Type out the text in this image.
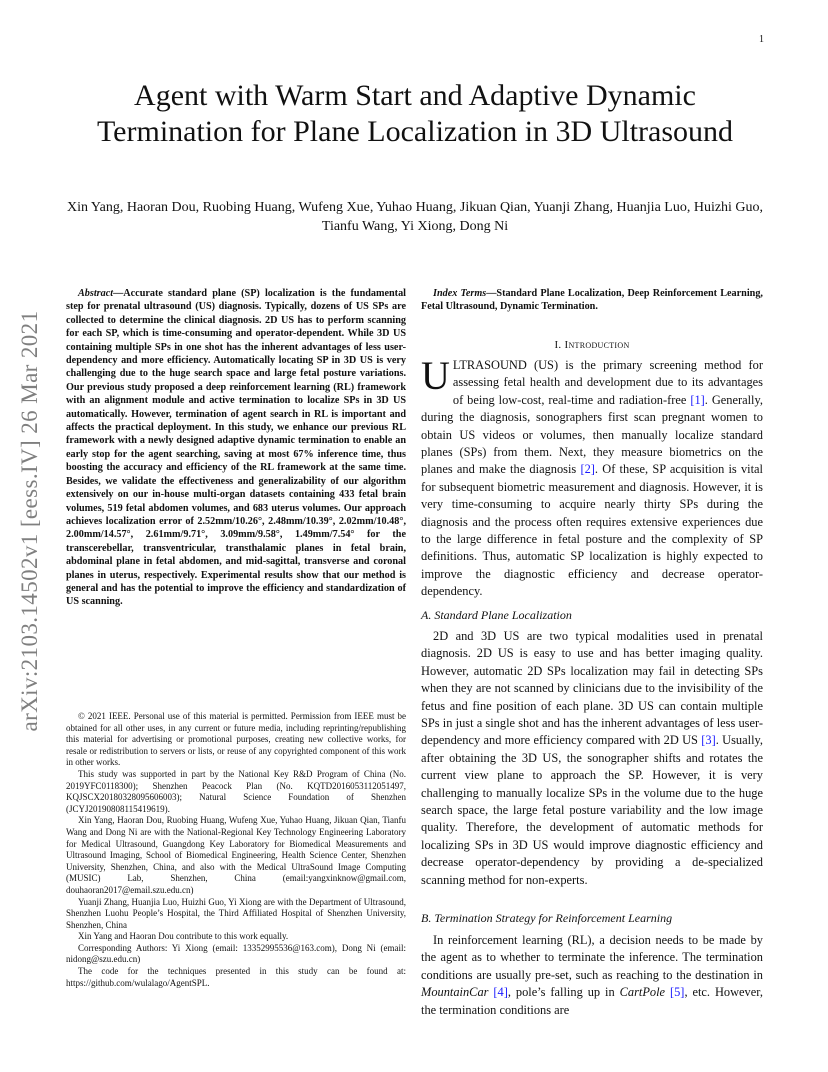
1
arXiv:2103.14502v1 [eess.IV] 26 Mar 2021
Agent with Warm Start and Adaptive Dynamic Termination for Plane Localization in 3D Ultrasound
Xin Yang, Haoran Dou, Ruobing Huang, Wufeng Xue, Yuhao Huang, Jikuan Qian, Yuanji Zhang, Huanjia Luo, Huizhi Guo, Tianfu Wang, Yi Xiong, Dong Ni
Abstract—Accurate standard plane (SP) localization is the fundamental step for prenatal ultrasound (US) diagnosis. Typically, dozens of US SPs are collected to determine the clinical diagnosis. 2D US has to perform scanning for each SP, which is time-consuming and operator-dependent. While 3D US containing multiple SPs in one shot has the inherent advantages of less user-dependency and more efficiency. Automatically locating SP in 3D US is very challenging due to the huge search space and large fetal posture variations. Our previous study proposed a deep reinforcement learning (RL) framework with an alignment module and active termination to localize SPs in 3D US automatically. However, termination of agent search in RL is important and affects the practical deployment. In this study, we enhance our previous RL framework with a newly designed adaptive dynamic termination to enable an early stop for the agent searching, saving at most 67% inference time, thus boosting the accuracy and efficiency of the RL framework at the same time. Besides, we validate the effectiveness and generalizability of our algorithm extensively on our in-house multi-organ datasets containing 433 fetal brain volumes, 519 fetal abdomen volumes, and 683 uterus volumes. Our approach achieves localization error of 2.52mm/10.26°, 2.48mm/10.39°, 2.02mm/10.48°, 2.00mm/14.57°, 2.61mm/9.71°, 3.09mm/9.58°, 1.49mm/7.54° for the transcerebellar, transventricular, transthalamic planes in fetal brain, abdominal plane in fetal abdomen, and mid-sagittal, transverse and coronal planes in uterus, respectively. Experimental results show that our method is general and has the potential to improve the efficiency and standardization of US scanning.

© 2021 IEEE. Personal use of this material is permitted. Permission from IEEE must be obtained for all other uses, in any current or future media, including reprinting/republishing this material for advertising or promotional purposes, creating new collective works, for resale or redistribution to servers or lists, or reuse of any copyrighted component of this work in other works.

This study was supported in part by the National Key R&D Program of China (No. 2019YFC0118300); Shenzhen Peacock Plan (No. KQTD2016053112051497, KQJSCX20180328095606003); Natural Science Foundation of Shenzhen (JCYJ20190808115419619).

Xin Yang, Haoran Dou, Ruobing Huang, Wufeng Xue, Yuhao Huang, Jikuan Qian, Tianfu Wang and Dong Ni are with the National-Regional Key Technology Engineering Laboratory for Medical Ultrasound, Guangdong Key Laboratory for Biomedical Measurements and Ultrasound Imaging, School of Biomedical Engineering, Health Science Center, Shenzhen University, Shenzhen, China, and also with the Medical UltraSound Image Computing (MUSIC) Lab, Shenzhen, China (email:yangxinknow@gmail.com, douhaoran2017@email.szu.edu.cn)

Yuanji Zhang, Huanjia Luo, Huizhi Guo, Yi Xiong are with the Department of Ultrasound, Shenzhen Luohu People’s Hospital, the Third Affiliated Hospital of Shenzhen University, Shenzhen, China

Xin Yang and Haoran Dou contribute to this work equally.

Corresponding Authors: Yi Xiong (email: 13352995536@163.com), Dong Ni (email: nidong@szu.edu.cn)

The code for the techniques presented in this study can be found at: https://github.com/wulalago/AgentSPL.

Index Terms—Standard Plane Localization, Deep Reinforcement Learning, Fetal Ultrasound, Dynamic Termination.
I. Introduction
ULTRASOUND (US) is the primary screening method for assessing fetal health and development due to its advantages of being low-cost, real-time and radiation-free [1]. Generally, during the diagnosis, sonographers first scan pregnant women to obtain US videos or volumes, then manually localize standard planes (SPs) from them. Next, they measure biometrics on the planes and make the diagnosis [2]. Of these, SP acquisition is vital for subsequent biometric measurement and diagnosis. However, it is very time-consuming to acquire nearly thirty SPs during the diagnosis and the process often requires extensive experiences due to the large difference in fetal posture and the complexity of SP definitions. Thus, automatic SP localization is highly expected to improve the diagnostic efficiency and decrease operator-dependency.
A. Standard Plane Localization

2D and 3D US are two typical modalities used in prenatal diagnosis. 2D US is easy to use and has better imaging quality. However, automatic 2D SPs localization may fail in detecting SPs when they are not scanned by clinicians due to the invisibility of the fetus and fine position of each plane. 3D US can contain multiple SPs in just a single shot and has the inherent advantages of less user-dependency and more efficiency compared with 2D US [3]. Usually, after obtaining the 3D US, the sonographer shifts and rotates the current view plane to approach the SP. However, it is very challenging to manually localize SPs in the volume due to the huge search space, the large fetal posture variability and the low image quality. Therefore, the development of automatic methods for localizing SPs in 3D US would improve diagnostic efficiency and decrease operator-dependency by providing a de-specialized scanning method for non-experts.

B. Termination Strategy for Reinforcement Learning

In reinforcement learning (RL), a decision needs to be made by the agent as to whether to terminate the inference. The termination conditions are usually pre-set, such as reaching to the destination in MountainCar [4], pole’s falling up in CartPole [5], etc. However, the termination conditions are
